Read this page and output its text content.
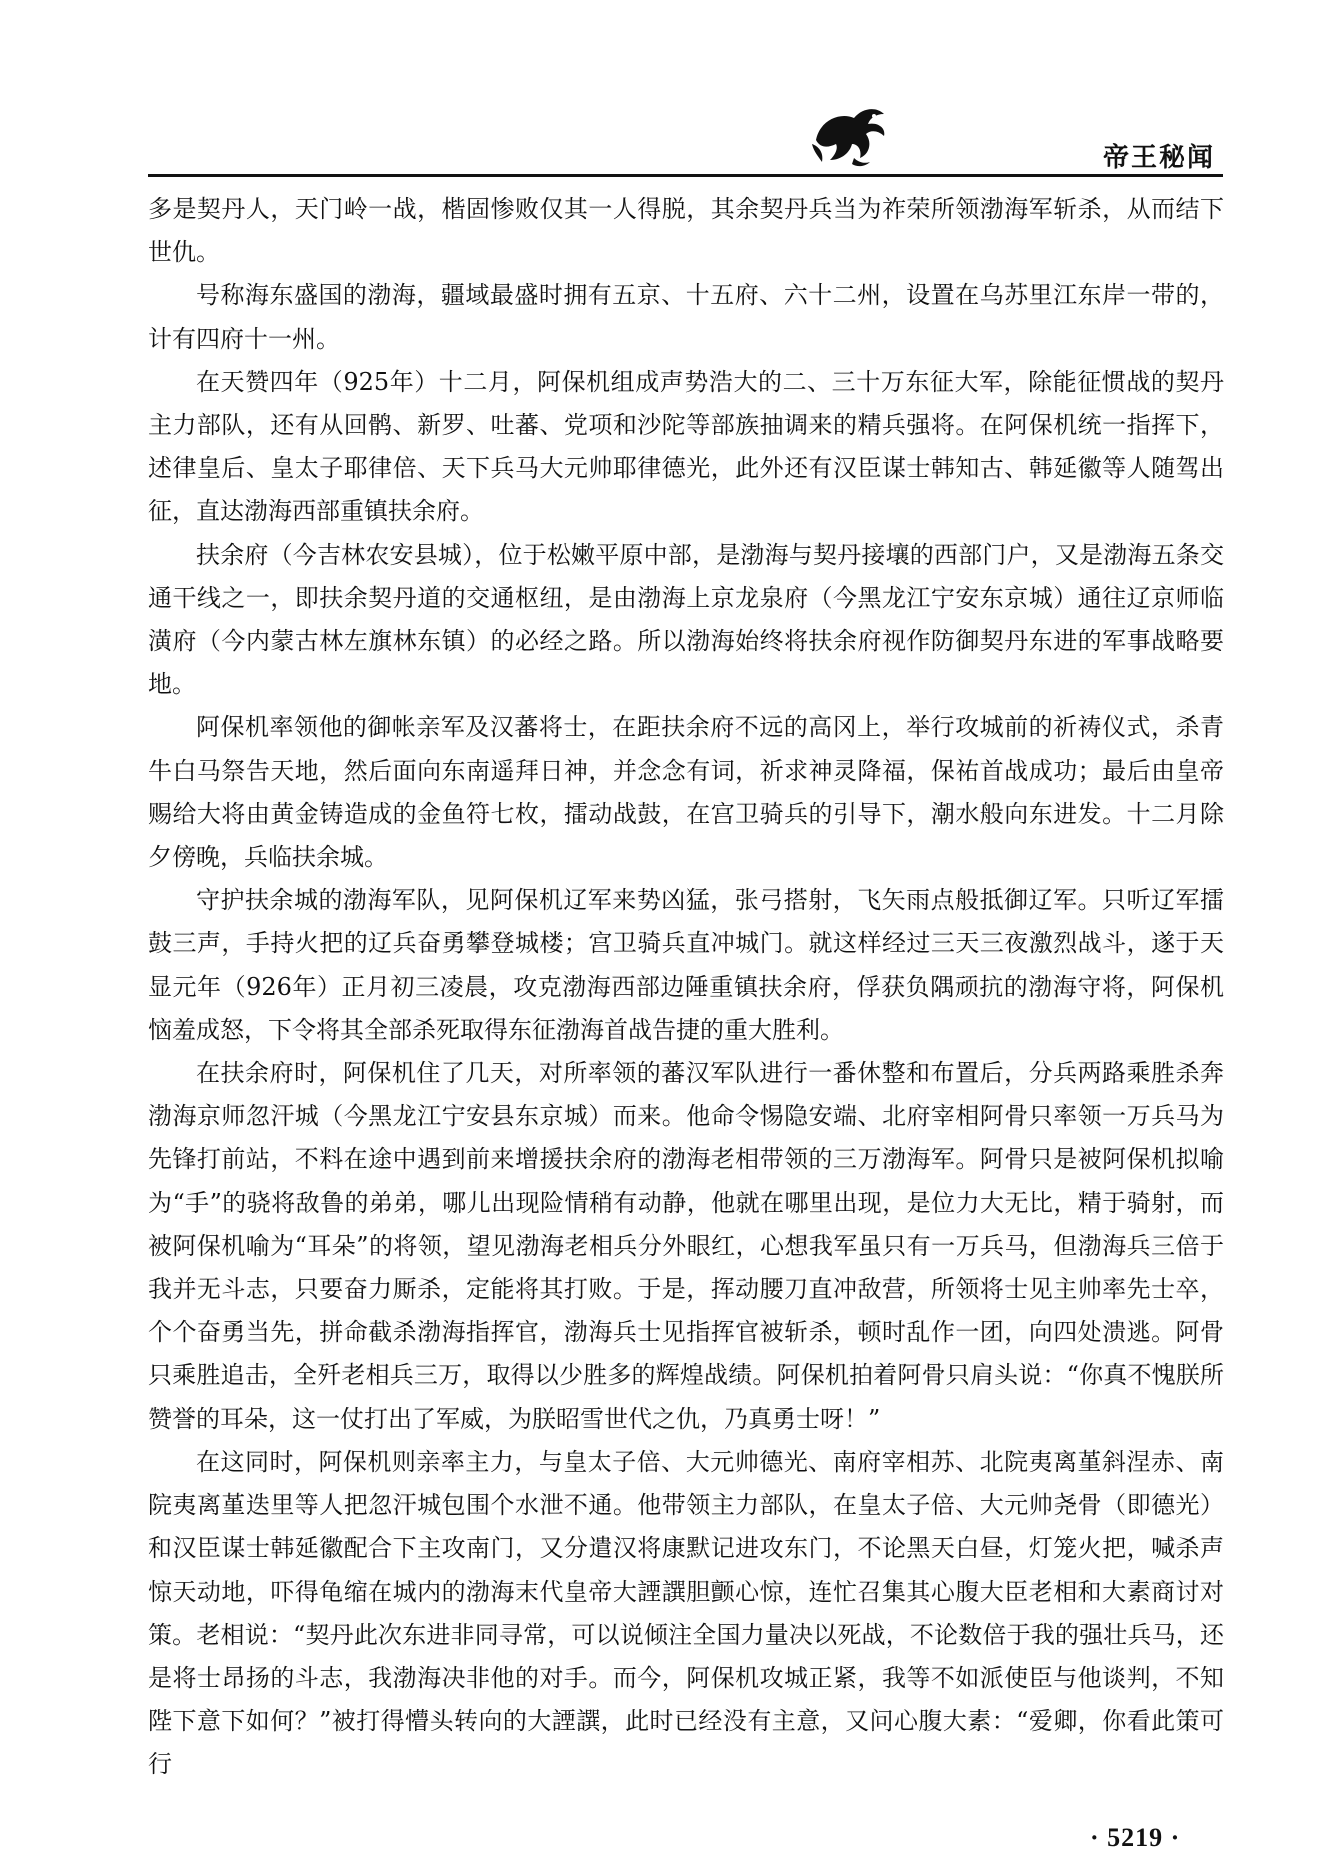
帝王秘闻

多是契丹人，天门岭一战，楷固惨败仅其一人得脱，其余契丹兵当为祚荣所领渤海军斩杀，从而结下世仇。

号称海东盛国的渤海，疆域最盛时拥有五京、十五府、六十二州，设置在乌苏里江东岸一带的，计有四府十一州。

在天赞四年（925年）十二月，阿保机组成声势浩大的二、三十万东征大军，除能征惯战的契丹主力部队，还有从回鹘、新罗、吐蕃、党项和沙陀等部族抽调来的精兵强将。在阿保机统一指挥下，述律皇后、皇太子耶律倍、天下兵马大元帅耶律德光，此外还有汉臣谋士韩知古、韩延徽等人随驾出征，直达渤海西部重镇扶余府。

扶余府（今吉林农安县城），位于松嫩平原中部，是渤海与契丹接壤的西部门户，又是渤海五条交通干线之一，即扶余契丹道的交通枢纽，是由渤海上京龙泉府（今黑龙江宁安东京城）通往辽京师临潢府（今内蒙古林左旗林东镇）的必经之路。所以渤海始终将扶余府视作防御契丹东进的军事战略要地。

阿保机率领他的御帐亲军及汉蕃将士，在距扶余府不远的高冈上，举行攻城前的祈祷仪式，杀青牛白马祭告天地，然后面向东南遥拜日神，并念念有词，祈求神灵降福，保祐首战成功；最后由皇帝赐给大将由黄金铸造成的金鱼符七枚，擂动战鼓，在宫卫骑兵的引导下，潮水般向东进发。十二月除夕傍晚，兵临扶余城。

守护扶余城的渤海军队，见阿保机辽军来势凶猛，张弓搭射，飞矢雨点般抵御辽军。只听辽军擂鼓三声，手持火把的辽兵奋勇攀登城楼；宫卫骑兵直冲城门。就这样经过三天三夜激烈战斗，遂于天显元年（926年）正月初三凌晨，攻克渤海西部边陲重镇扶余府，俘获负隅顽抗的渤海守将，阿保机恼羞成怒，下令将其全部杀死取得东征渤海首战告捷的重大胜利。

在扶余府时，阿保机住了几天，对所率领的蕃汉军队进行一番休整和布置后，分兵两路乘胜杀奔渤海京师忽汗城（今黑龙江宁安县东京城）而来。他命令惕隐安端、北府宰相阿骨只率领一万兵马为先锋打前站，不料在途中遇到前来增援扶余府的渤海老相带领的三万渤海军。阿骨只是被阿保机拟喻为“手”的骁将敌鲁的弟弟，哪儿出现险情稍有动静，他就在哪里出现，是位力大无比，精于骑射，而被阿保机喻为“耳朵”的将领，望见渤海老相兵分外眼红，心想我军虽只有一万兵马，但渤海兵三倍于我并无斗志，只要奋力厮杀，定能将其打败。于是，挥动腰刀直冲敌营，所领将士见主帅率先士卒，个个奋勇当先，拼命截杀渤海指挥官，渤海兵士见指挥官被斩杀，顿时乱作一团，向四处溃逃。阿骨只乘胜追击，全歼老相兵三万，取得以少胜多的辉煌战绩。阿保机拍着阿骨只肩头说：“你真不愧朕所赞誉的耳朵，这一仗打出了军威，为朕昭雪世代之仇，乃真勇士呀！”

在这同时，阿保机则亲率主力，与皇太子倍、大元帅德光、南府宰相苏、北院夷离堇斜涅赤、南院夷离堇迭里等人把忽汗城包围个水泄不通。他带领主力部队，在皇太子倍、大元帅尧骨（即德光）和汉臣谋士韩延徽配合下主攻南门，又分遣汉将康默记进攻东门，不论黑天白昼，灯笼火把，喊杀声惊天动地，吓得龟缩在城内的渤海末代皇帝大諲譔胆颤心惊，连忙召集其心腹大臣老相和大素商讨对策。老相说：“契丹此次东进非同寻常，可以说倾注全国力量决以死战，不论数倍于我的强壮兵马，还是将士昂扬的斗志，我渤海决非他的对手。而今，阿保机攻城正紧，我等不如派使臣与他谈判，不知陛下意下如何？”被打得懵头转向的大諲譔，此时已经没有主意，又问心腹大素：“爱卿，你看此策可行

· 5219 ·
